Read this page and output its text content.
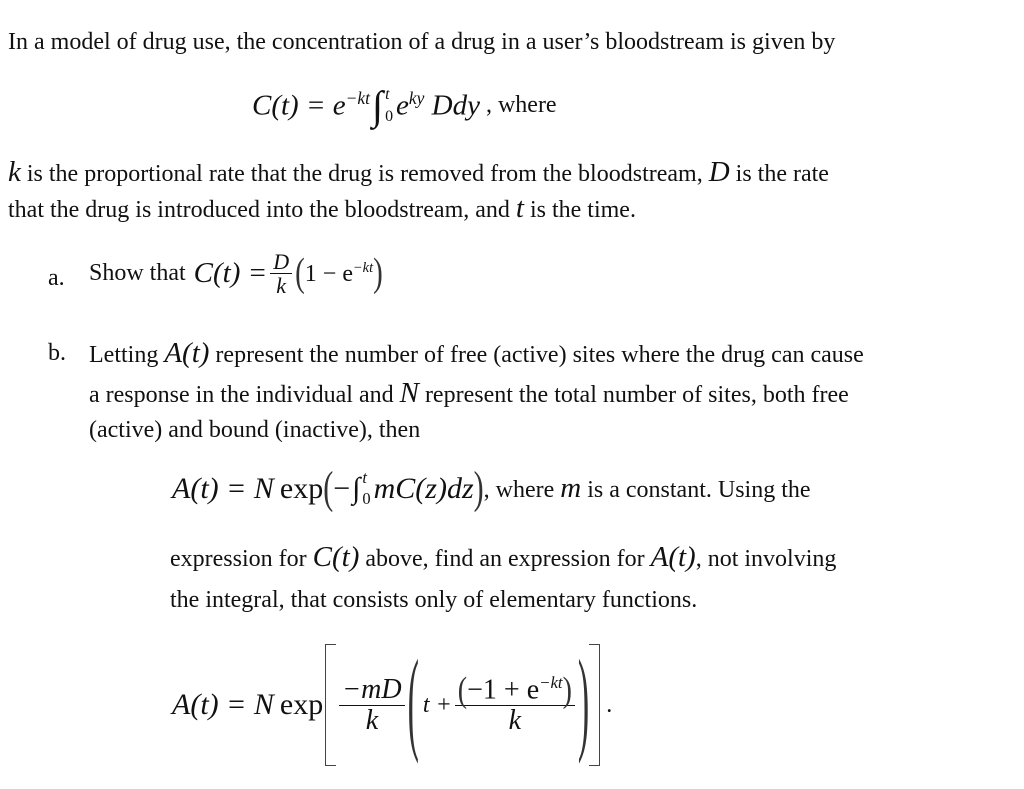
In a model of drug use, the concentration of a drug in a user’s bloodstream is given by
$C(t) = e^{-kt}$ ∫ t
0 $e^{ky}$ Ddy , where
k is the proportional rate that the drug is removed from the bloodstream, D is the rate
that the drug is introduced into the bloodstream, and t is the time.
a. Show that $C(t) = \frac{D}{k}$ ( $1 - e^{-kt}$ )
b. Letting A(t) represent the number of free (active) sites where the drug can cause
a response in the individual and N represent the total number of sites, both free
(active) and bound (inactive), then
A(t) = N exp ( − ∫ t
0 mC(z)dz ) , where m is a constant. Using the
expression for C(t) above, find an expression for A(t), not involving
the integral, that consists only of elementary functions.
A(t) = N $\exp \frac{-mD}{k}$ ( $t + \frac{(-1 + e^{-kt})}{k}$ ) .
